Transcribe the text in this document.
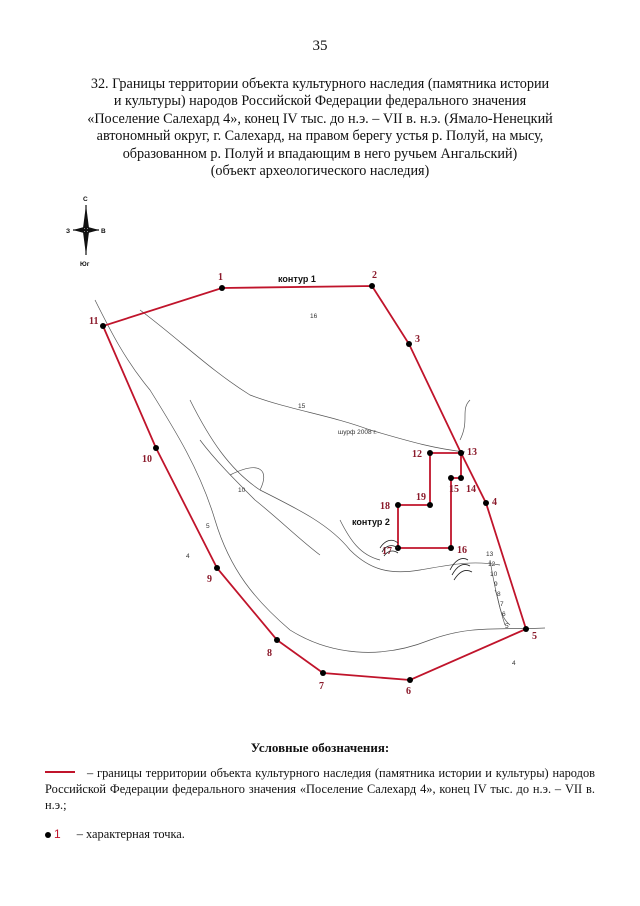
35
32. Границы территории объекта культурного наследия (памятника истории
и культуры) народов Российской Федерации федерального значения
«Поселение Салехард 4», конец IV тыс. до н.э. – VII в. н.э. (Ямало-Ненецкий
автономный округ, г. Салехард, на правом берегу устья р. Полуй, на мысу,
образованном р. Полуй и впадающим в него ручьем Ангальский)
(объект археологического наследия)
С
Юг
З	В
1	2
3
13
4
5
6
7
8
9
10
11
12
14
15
16
17
18
19
контур 1
контур 2
шурф 2008 г.
16
15
10
5
4	13
12
10
9
8
7
6
5
4
Условные обозначения:
– границы территории объекта культурного наследия (памятника истории и культуры) народов Российской Федерации федерального значения «Поселение Салехард 4», конец IV тыс. до н.э. – VII в. н.э.;
1 – характерная точка.
